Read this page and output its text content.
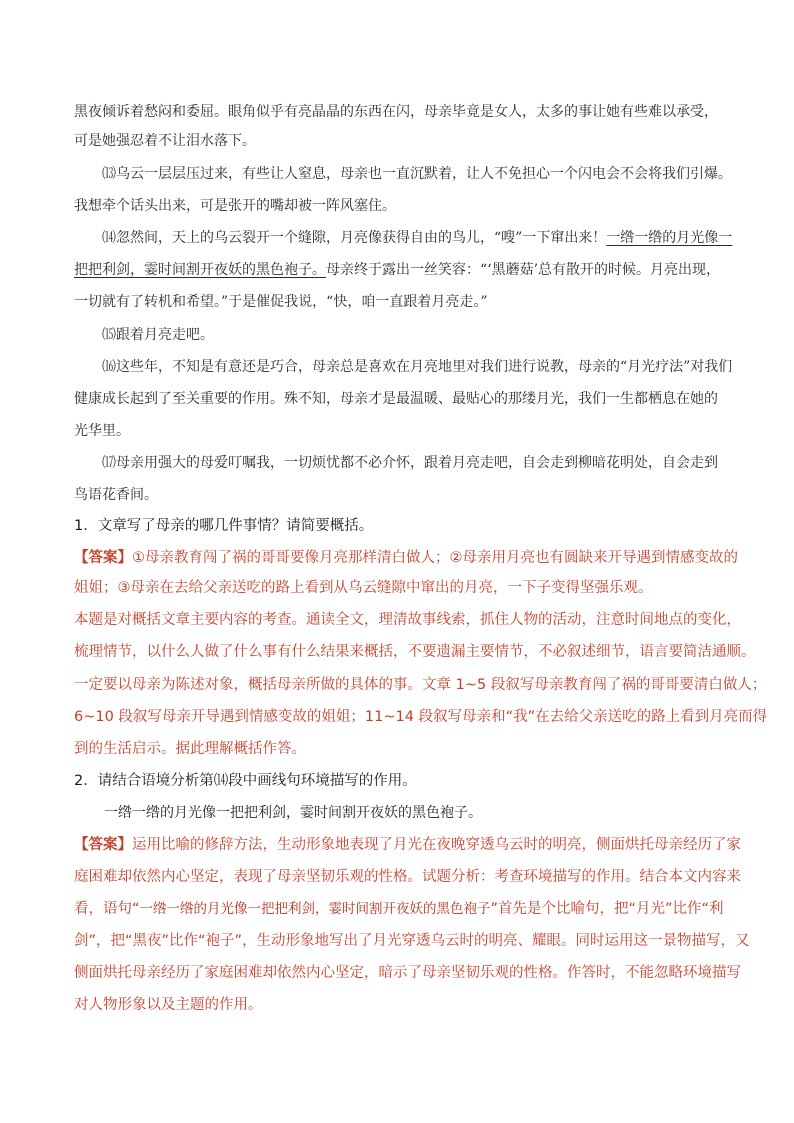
黑夜倾诉着愁闷和委屈。眼角似乎有亮晶晶的东西在闪，母亲毕竟是女人，太多的事让她有些难以承受，
可是她强忍着不让泪水落下。
⒀乌云一层层压过来，有些让人窒息，母亲也一直沉默着，让人不免担心一个闪电会不会将我们引爆。
我想牵个话头出来，可是张开的嘴却被一阵风塞住。
⒁忽然间，天上的乌云裂开一个缝隙，月亮像获得自由的鸟儿，“嗖”一下窜出来！一绺一绺的月光像一
把把利剑，霎时间割开夜妖的黑色袍子。母亲终于露出一丝笑容：“‘黑蘑菇’总有散开的时候。月亮出现，
一切就有了转机和希望。”于是催促我说，“快，咱一直跟着月亮走。”
⒂跟着月亮走吧。
⒃这些年，不知是有意还是巧合，母亲总是喜欢在月亮地里对我们进行说教，母亲的“月光疗法”对我们
健康成长起到了至关重要的作用。殊不知，母亲才是最温暖、最贴心的那缕月光，我们一生都栖息在她的
光华里。
⒄母亲用强大的母爱叮嘱我，一切烦忧都不必介怀，跟着月亮走吧，自会走到柳暗花明处，自会走到
鸟语花香间。
1．文章写了母亲的哪几件事情？请简要概括。
【答案】①母亲教育闯了祸的哥哥要像月亮那样清白做人；②母亲用月亮也有圆缺来开导遇到情感变故的
姐姐；③母亲在去给父亲送吃的路上看到从乌云缝隙中窜出的月亮，一下子变得坚强乐观。
本题是对概括文章主要内容的考查。通读全文，理清故事线索，抓住人物的活动，注意时间地点的变化，
梳理情节，以什么人做了什么事有什么结果来概括，不要遗漏主要情节，不必叙述细节，语言要简洁通顺。
一定要以母亲为陈述对象，概括母亲所做的具体的事。文章 1~5 段叙写母亲教育闯了祸的哥哥要清白做人；
6~10 段叙写母亲开导遇到情感变故的姐姐；11~14 段叙写母亲和“我”在去给父亲送吃的路上看到月亮而得
到的生活启示。据此理解概括作答。
2．请结合语境分析第⒁段中画线句环境描写的作用。
一绺一绺的月光像一把把利剑，霎时间割开夜妖的黑色袍子。
【答案】运用比喻的修辞方法，生动形象地表现了月光在夜晚穿透乌云时的明亮，侧面烘托母亲经历了家
庭困难却依然内心坚定，表现了母亲坚韧乐观的性格。试题分析：考查环境描写的作用。结合本文内容来
看，语句“一绺一绺的月光像一把把利剑，霎时间割开夜妖的黑色袍子”首先是个比喻句，把“月光”比作“利
剑”，把“黑夜”比作“袍子”，生动形象地写出了月光穿透乌云时的明亮、耀眼。同时运用这一景物描写，又
侧面烘托母亲经历了家庭困难却依然内心坚定，暗示了母亲坚韧乐观的性格。作答时，不能忽略环境描写
对人物形象以及主题的作用。
